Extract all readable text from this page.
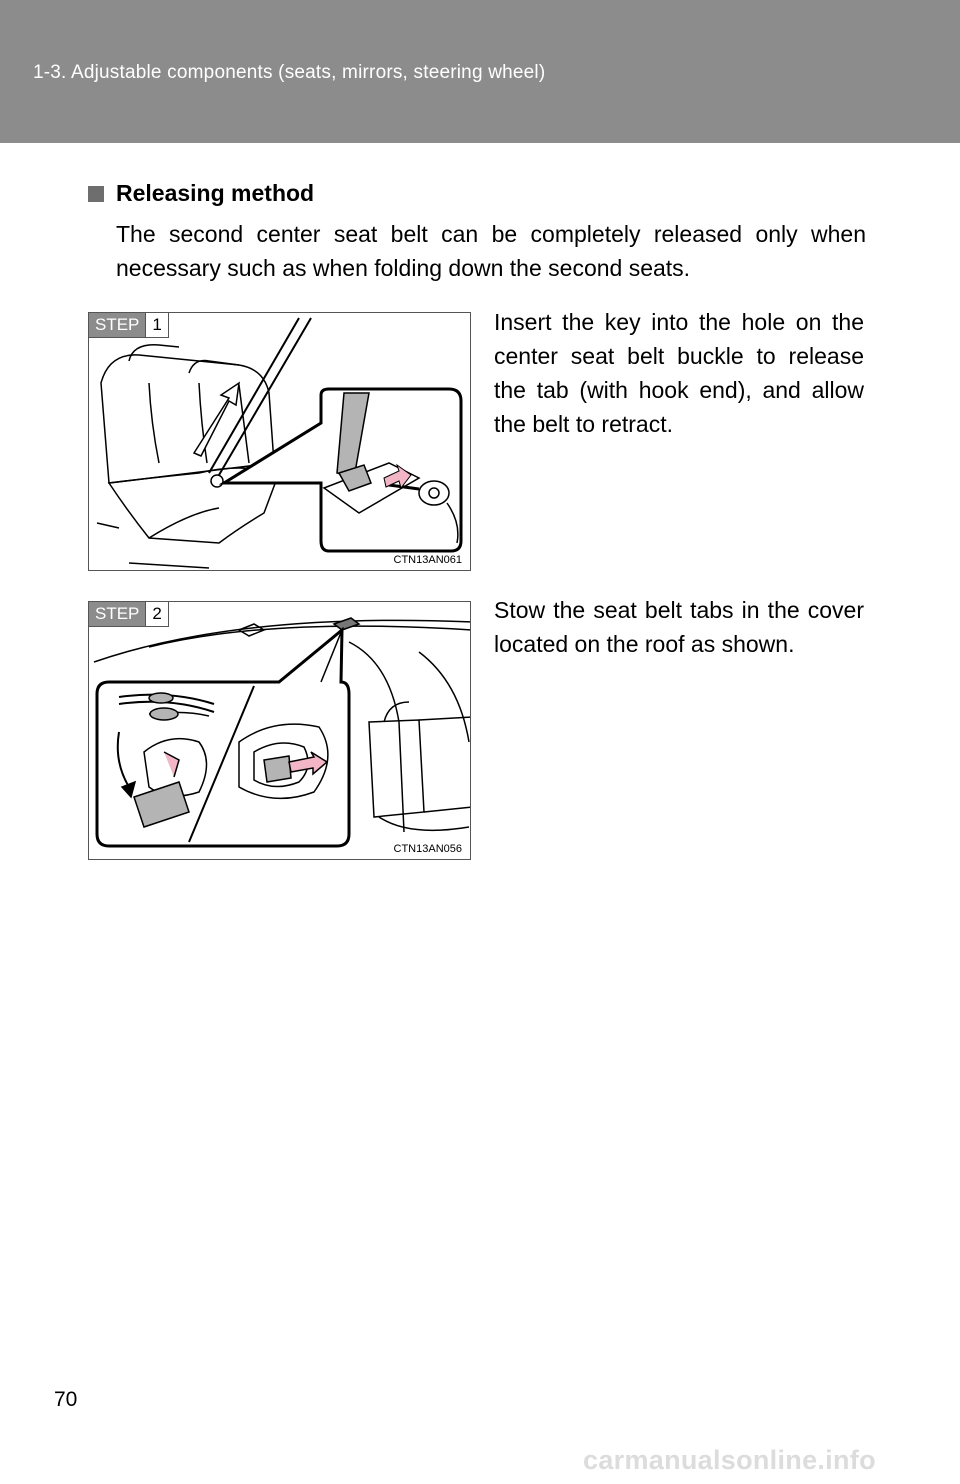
1-3. Adjustable components (seats, mirrors, steering wheel)
Releasing method
The second center seat belt can be completely released only when necessary such as when folding down the second seats.
STEP 1
CTN13AN061
Insert the key into the hole on the center seat belt buckle to release the tab (with hook end), and allow the belt to retract.
STEP 2
CTN13AN056
Stow the seat belt tabs in the cover located on the roof as shown.
70
carmanualsonline.info
